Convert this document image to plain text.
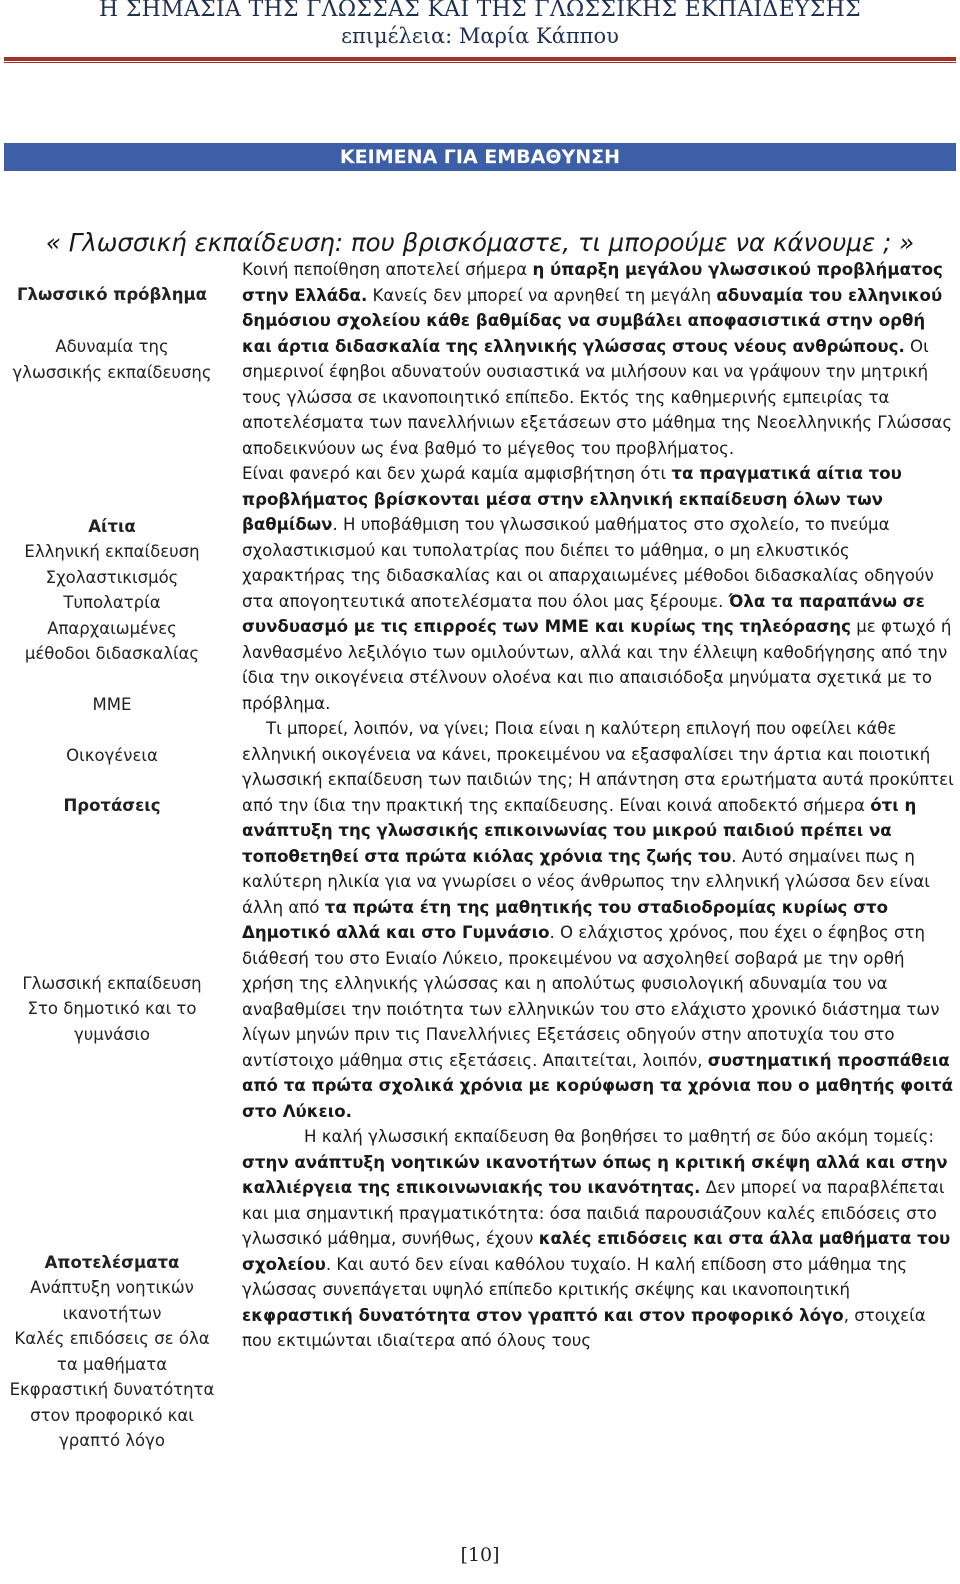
Η ΣΗΜΑΣΙΑ ΤΗΣ ΓΛΩΣΣΑΣ ΚΑΙ ΤΗΣ ΓΛΩΣΣΙΚΗΣ ΕΚΠΑΙΔΕΥΣΗΣ
επιμέλεια: Μαρία Κάππου
ΚΕΙΜΕΝΑ ΓΙΑ ΕΜΒΑΘΥΝΣΗ
« Γλωσσική εκπαίδευση: που βρισκόμαστε, τι μπορούμε να κάνουμε ; »
Γλωσσικό πρόβλημα
Αδυναμία της
γλωσσικής εκπαίδευσης
Αίτια
Ελληνική εκπαίδευση
Σχολαστικισμός
Τυπολατρία
Απαρχαιωμένες
μέθοδοι διδασκαλίας
ΜΜΕ
Οικογένεια
Προτάσεις
Γλωσσική εκπαίδευση
Στο δημοτικό και το
γυμνάσιο
Αποτελέσματα
Ανάπτυξη νοητικών
ικανοτήτων
Καλές επιδόσεις σε όλα
τα μαθήματα
Εκφραστική δυνατότητα
στον προφορικό και
γραπτό λόγο

Κοινή πεποίθηση αποτελεί σήμερα η ύπαρξη μεγάλου γλωσσικού προβλήματος στην Ελλάδα. Κανείς δεν μπορεί να αρνηθεί τη μεγάλη αδυναμία του ελληνικού δημόσιου σχολείου κάθε βαθμίδας να συμβάλει αποφασιστικά στην ορθή και άρτια διδασκαλία της ελληνικής γλώσσας στους νέους ανθρώπους. Οι σημερινοί έφηβοι αδυνατούν ουσιαστικά να μιλήσουν και να γράψουν την μητρική τους γλώσσα σε ικανοποιητικό επίπεδο. Εκτός της καθημερινής εμπειρίας τα αποτελέσματα των πανελλήνιων εξετάσεων στο μάθημα της Νεοελληνικής Γλώσσας αποδεικνύουν ως ένα βαθμό το μέγεθος του προβλήματος.

Είναι φανερό και δεν χωρά καμία αμφισβήτηση ότι τα πραγματικά αίτια του προβλήματος βρίσκονται μέσα στην ελληνική εκπαίδευση όλων των βαθμίδων. Η υποβάθμιση του γλωσσικού μαθήματος στο σχολείο, το πνεύμα σχολαστικισμού και τυπολατρίας που διέπει το μάθημα, ο μη ελκυστικός χαρακτήρας της διδασκαλίας και οι απαρχαιωμένες μέθοδοι διδασκαλίας οδηγούν στα απογοητευτικά αποτελέσματα που όλοι μας ξέρουμε. Όλα τα παραπάνω σε συνδυασμό με τις επιρροές των ΜΜΕ και κυρίως της τηλεόρασης με φτωχό ή λανθασμένο λεξιλόγιο των ομιλούντων, αλλά και την έλλειψη καθοδήγησης από την ίδια την οικογένεια στέλνουν ολοένα και πιο απαισιόδοξα μηνύματα σχετικά με το πρόβλημα.

Τι μπορεί, λοιπόν, να γίνει; Ποια είναι η καλύτερη επιλογή που οφείλει κάθε ελληνική οικογένεια να κάνει, προκειμένου να εξασφαλίσει την άρτια και ποιοτική γλωσσική εκπαίδευση των παιδιών της; Η απάντηση στα ερωτήματα αυτά προκύπτει από την ίδια την πρακτική της εκπαίδευσης. Είναι κοινά αποδεκτό σήμερα ότι η ανάπτυξη της γλωσσικής επικοινωνίας του μικρού παιδιού πρέπει να τοποθετηθεί στα πρώτα κιόλας χρόνια της ζωής του. Αυτό σημαίνει πως η καλύτερη ηλικία για να γνωρίσει ο νέος άνθρωπος την ελληνική γλώσσα δεν είναι άλλη από τα πρώτα έτη της μαθητικής του σταδιοδρομίας κυρίως στο Δημοτικό αλλά και στο Γυμνάσιο. Ο ελάχιστος χρόνος, που έχει ο έφηβος στη διάθεσή του στο Ενιαίο Λύκειο, προκειμένου να ασχοληθεί σοβαρά με την ορθή χρήση της ελληνικής γλώσσας και η απολύτως φυσιολογική αδυναμία του να αναβαθμίσει την ποιότητα των ελληνικών του στο ελάχιστο χρονικό διάστημα των λίγων μηνών πριν τις Πανελλήνιες Εξετάσεις οδηγούν στην αποτυχία του στο αντίστοιχο μάθημα στις εξετάσεις. Απαιτείται, λοιπόν, συστηματική προσπάθεια από τα πρώτα σχολικά χρόνια με κορύφωση τα χρόνια που ο μαθητής φοιτά στο Λύκειο.

Η καλή γλωσσική εκπαίδευση θα βοηθήσει το μαθητή σε δύο ακόμη τομείς: στην ανάπτυξη νοητικών ικανοτήτων όπως η κριτική σκέψη αλλά και στην καλλιέργεια της επικοινωνιακής του ικανότητας. Δεν μπορεί να παραβλέπεται και μια σημαντική πραγματικότητα: όσα παιδιά παρουσιάζουν καλές επιδόσεις στο γλωσσικό μάθημα, συνήθως, έχουν καλές επιδόσεις και στα άλλα μαθήματα του σχολείου. Και αυτό δεν είναι καθόλου τυχαίο. Η καλή επίδοση στο μάθημα της γλώσσας συνεπάγεται υψηλό επίπεδο κριτικής σκέψης και ικανοποιητική εκφραστική δυνατότητα στον γραπτό και στον προφορικό λόγο, στοιχεία που εκτιμώνται ιδιαίτερα από όλους τους

[10]
